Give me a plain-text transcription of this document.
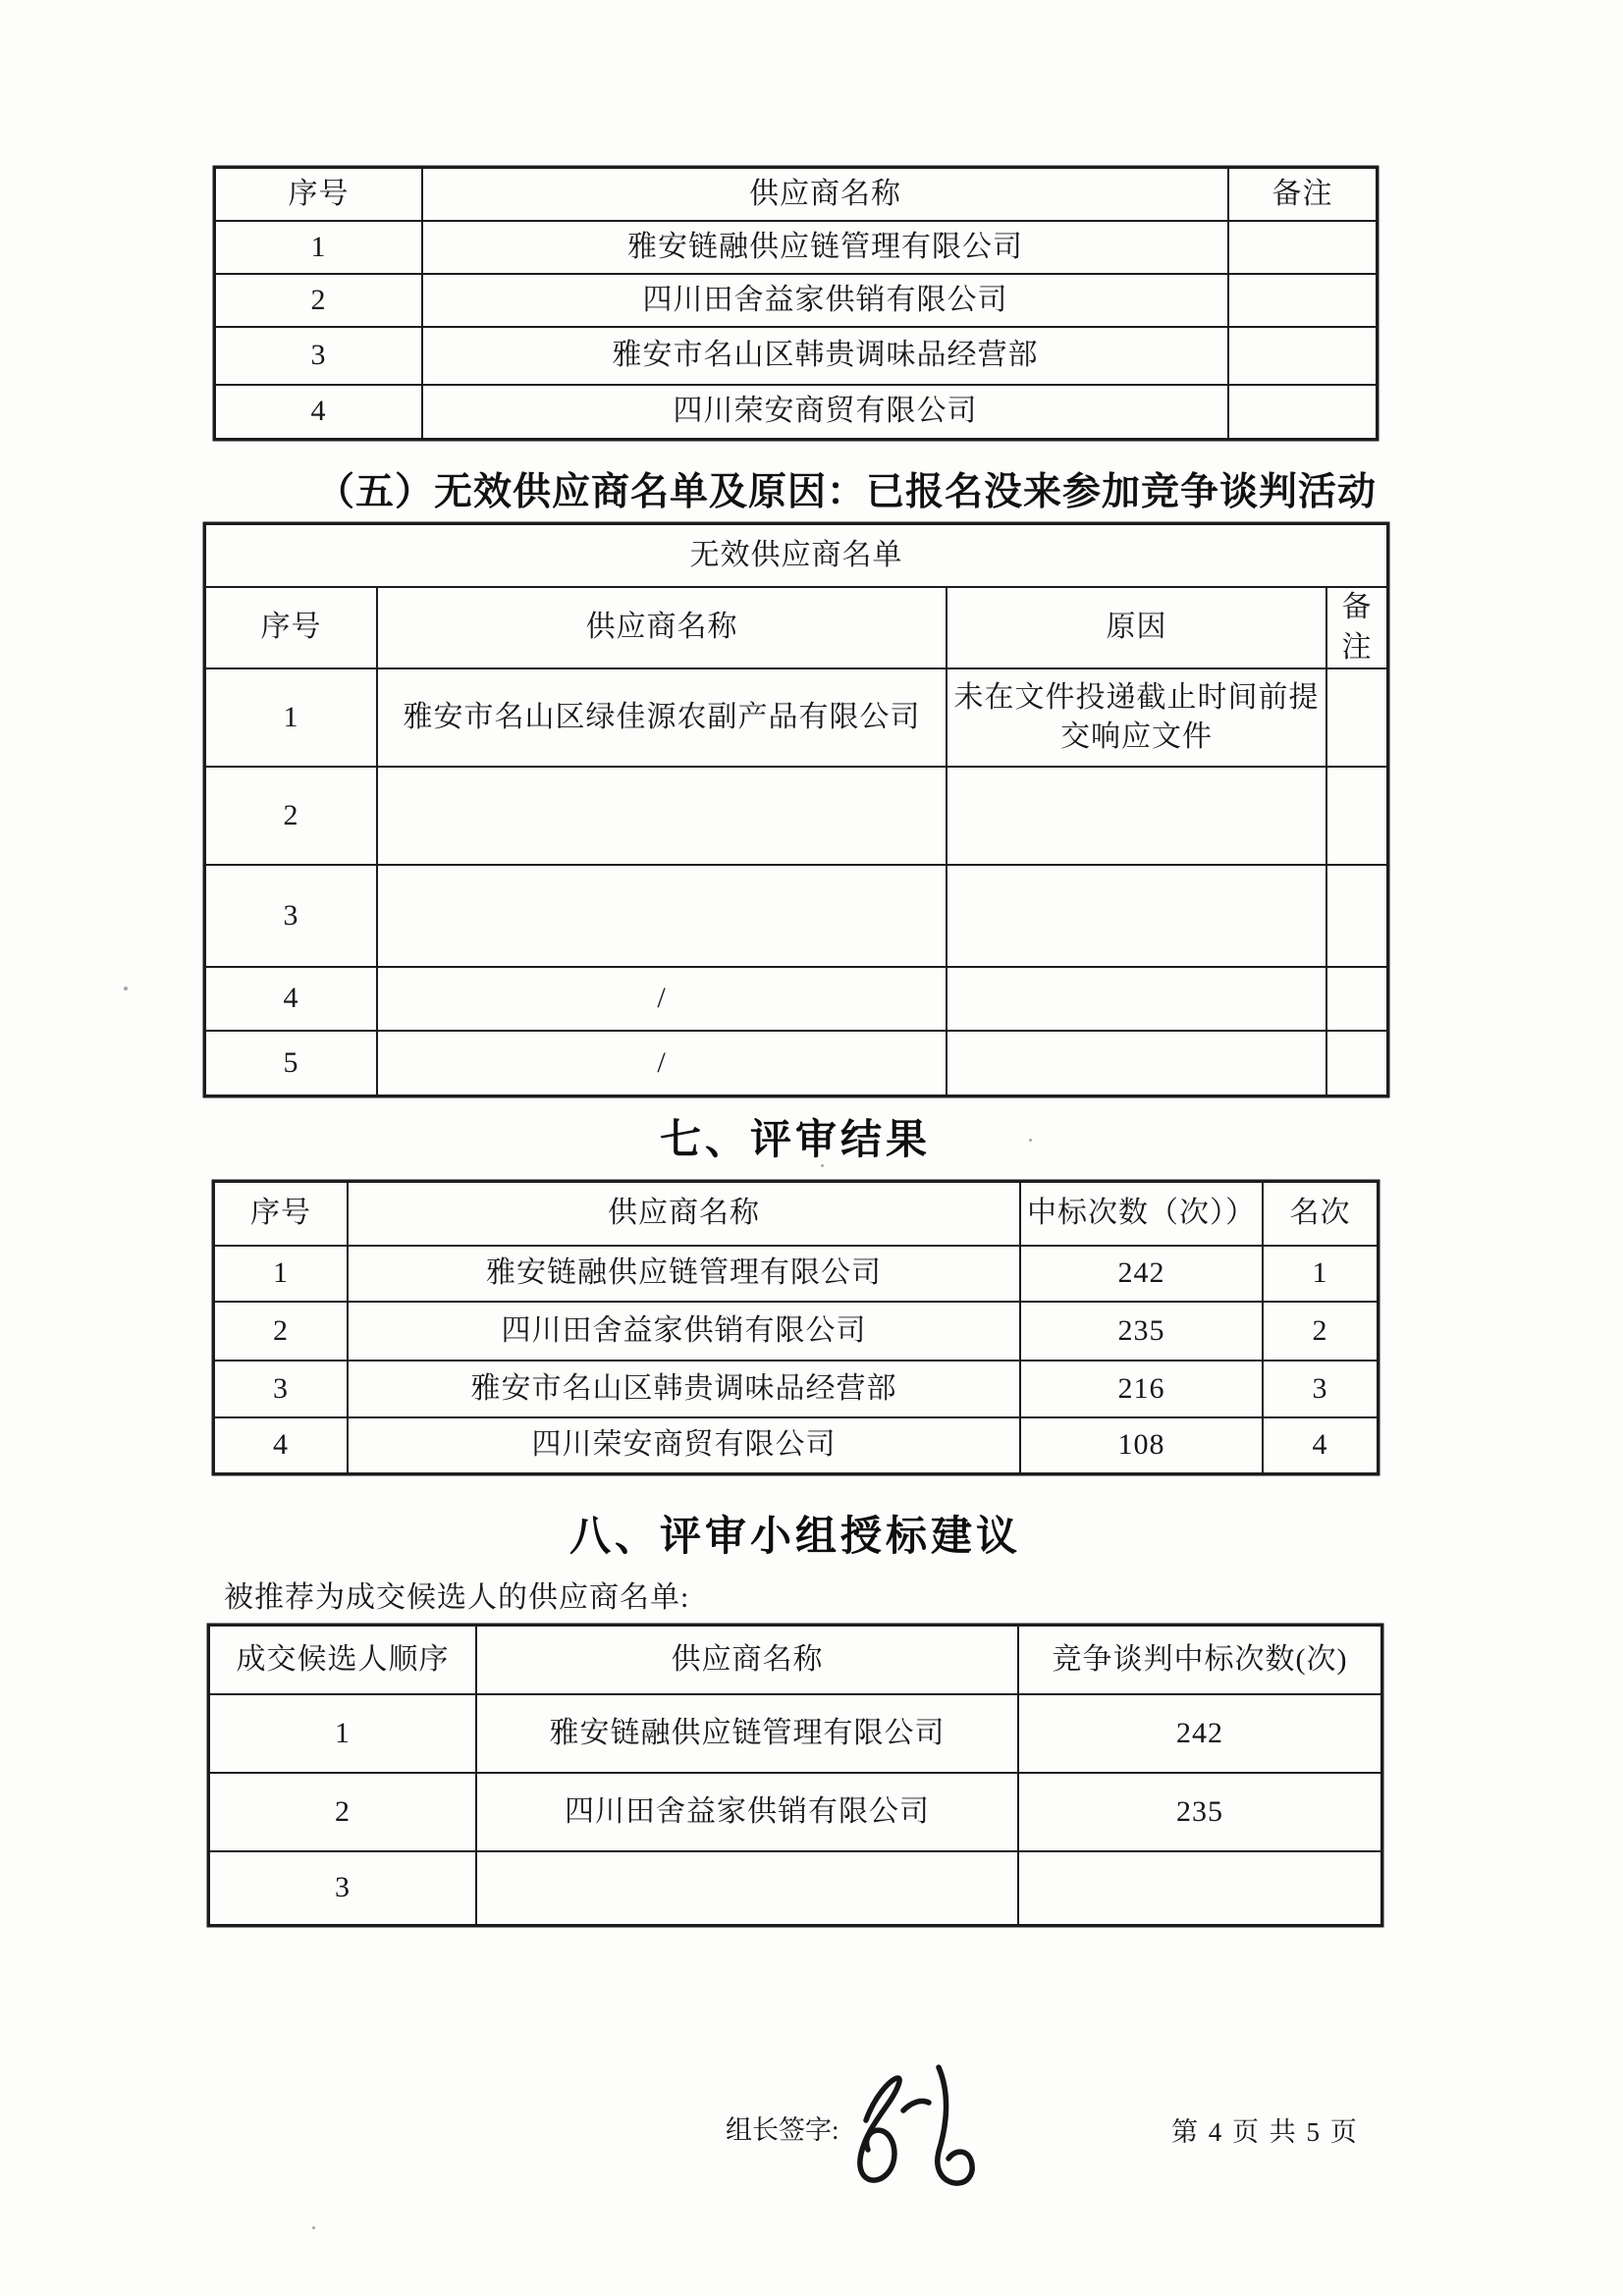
序号	供应商名称	备注
1	雅安链融供应链管理有限公司	
2	四川田舍益家供销有限公司	
3	雅安市名山区韩贵调味品经营部	
4	四川荣安商贸有限公司	
（五）无效供应商名单及原因：已报名没来参加竞争谈判活动
无效供应商名单			
序号	供应商名称	原因	备注
1	雅安市名山区绿佳源农副产品有限公司	未在文件投递截止时间前提交响应文件	
2			
3			
4	/		
5	/		
七、评审结果
序号	供应商名称	中标次数（次））	名次
1	雅安链融供应链管理有限公司	242	1
2	四川田舍益家供销有限公司	235	2
3	雅安市名山区韩贵调味品经营部	216	3
4	四川荣安商贸有限公司	108	4
八、评审小组授标建议
被推荐为成交候选人的供应商名单:
成交候选人顺序	供应商名称	竞争谈判中标次数(次)
1	雅安链融供应链管理有限公司	242
2	四川田舍益家供销有限公司	235
3		
组长签字:	第 4 页 共 5 页
